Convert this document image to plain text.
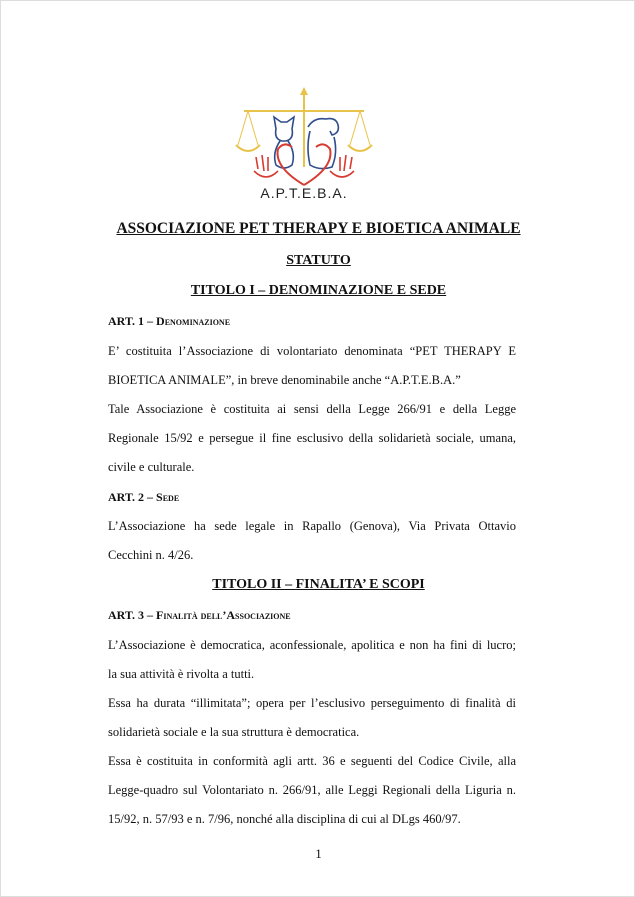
A.P.T.E.B.A.
ASSOCIAZIONE PET THERAPY E BIOETICA ANIMALE
STATUTO
TITOLO I – DENOMINAZIONE E SEDE
ART. 1 – Denominazione
E’ costituita l’Associazione di volontariato denominata “PET THERAPY E
BIOETICA ANIMALE”, in breve denominabile anche “A.P.T.E.B.A.”
Tale Associazione è costituita ai sensi della Legge 266/91 e della Legge
Regionale 15/92 e persegue il fine esclusivo della solidarietà sociale, umana,
civile e culturale.
ART. 2 – Sede
L’Associazione ha sede legale in Rapallo (Genova), Via Privata Ottavio
Cecchini n. 4/26.
TITOLO II – FINALITA’ E SCOPI
ART. 3 – Finalità dell’Associazione
L’Associazione è democratica, aconfessionale, apolitica e non ha fini di lucro;
la sua attività è rivolta a tutti.
Essa ha durata “illimitata”; opera per l’esclusivo perseguimento di finalità di
solidarietà sociale e la sua struttura è democratica.
Essa è costituita in conformità agli artt. 36 e seguenti del Codice Civile, alla
Legge-quadro sul Volontariato n. 266/91, alle Leggi Regionali della Liguria n.
15/92, n. 57/93 e n. 7/96, nonché alla disciplina di cui al DLgs 460/97.
1
